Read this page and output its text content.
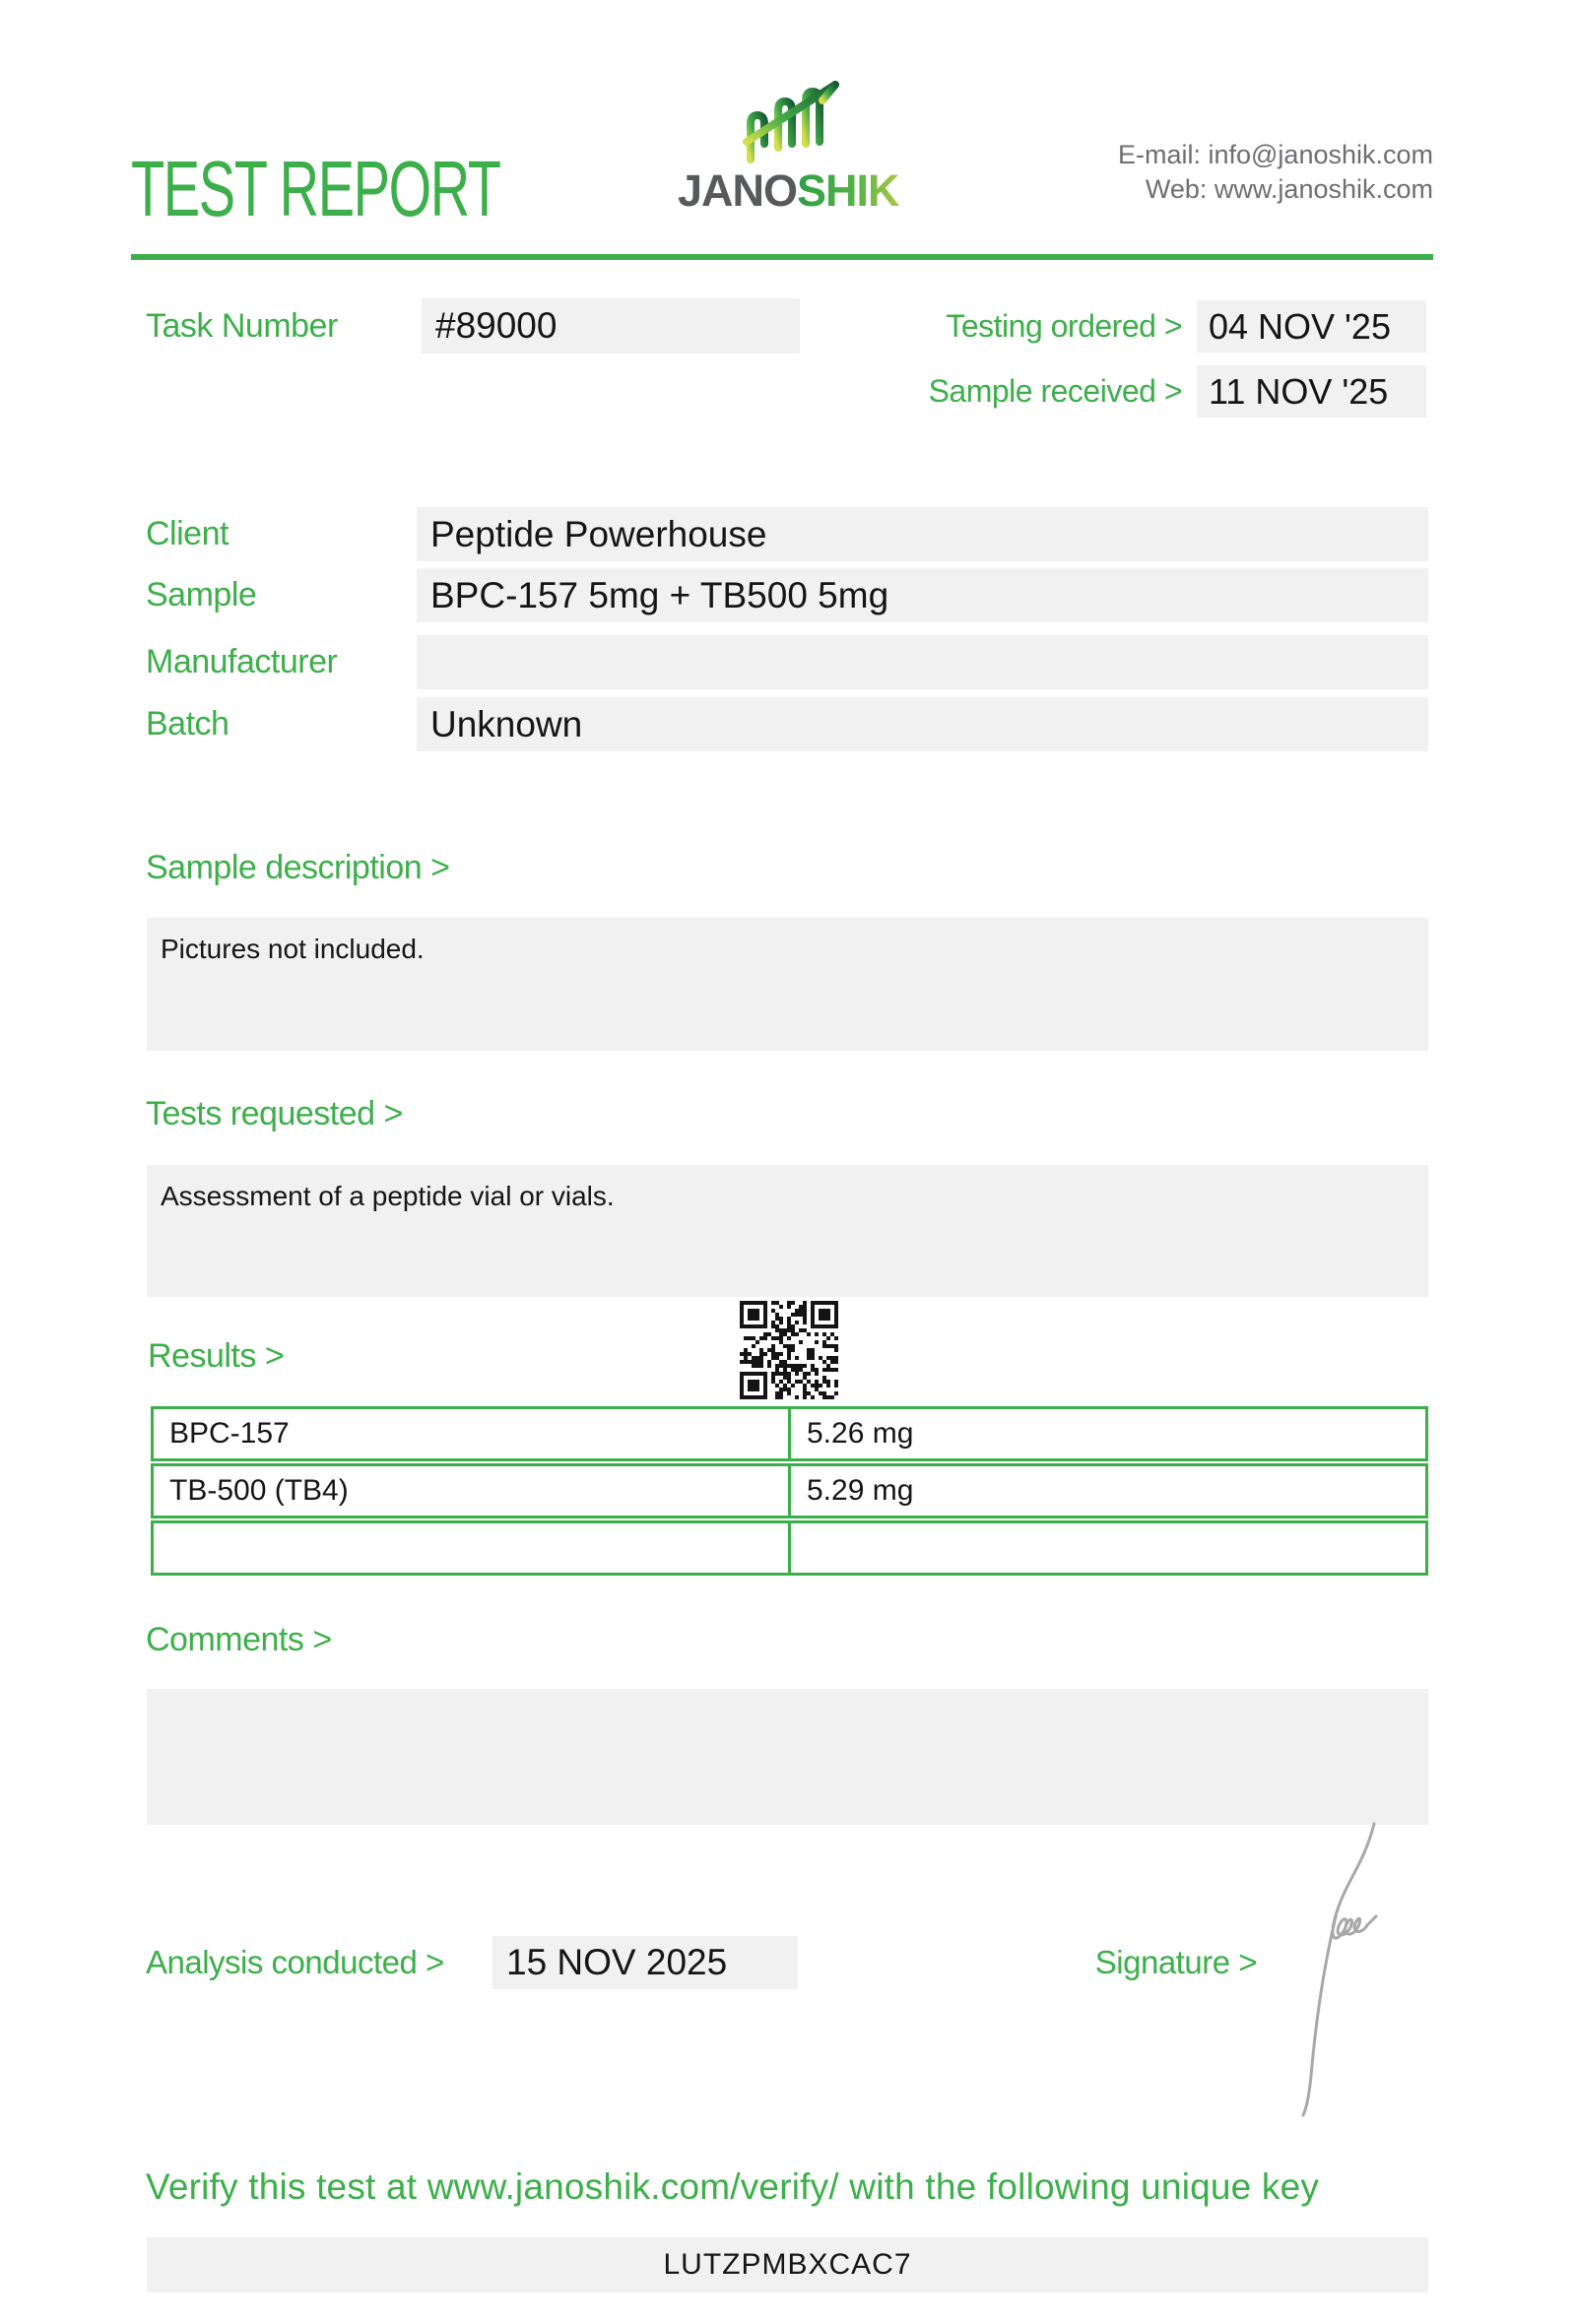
TEST REPORT	JANOSHIK
E-mail: info@janoshik.com
Web: www.janoshik.com
Task Number	#89000	Testing ordered > 04 NOV '25
Sample received > 11 NOV '25
Client	Peptide Powerhouse
Sample	BPC-157 5mg + TB500 5mg
Manufacturer
Batch	Unknown
Sample description >
Pictures not included.
Tests requested >
Assessment of a peptide vial or vials.
Results >
BPC-157	5.26 mg
TB-500 (TB4)	5.29 mg
Comments >
Analysis conducted >	15 NOV 2025	Signature >
Verify this test at www.janoshik.com/verify/ with the following unique key
LUTZPMBXCAC7
